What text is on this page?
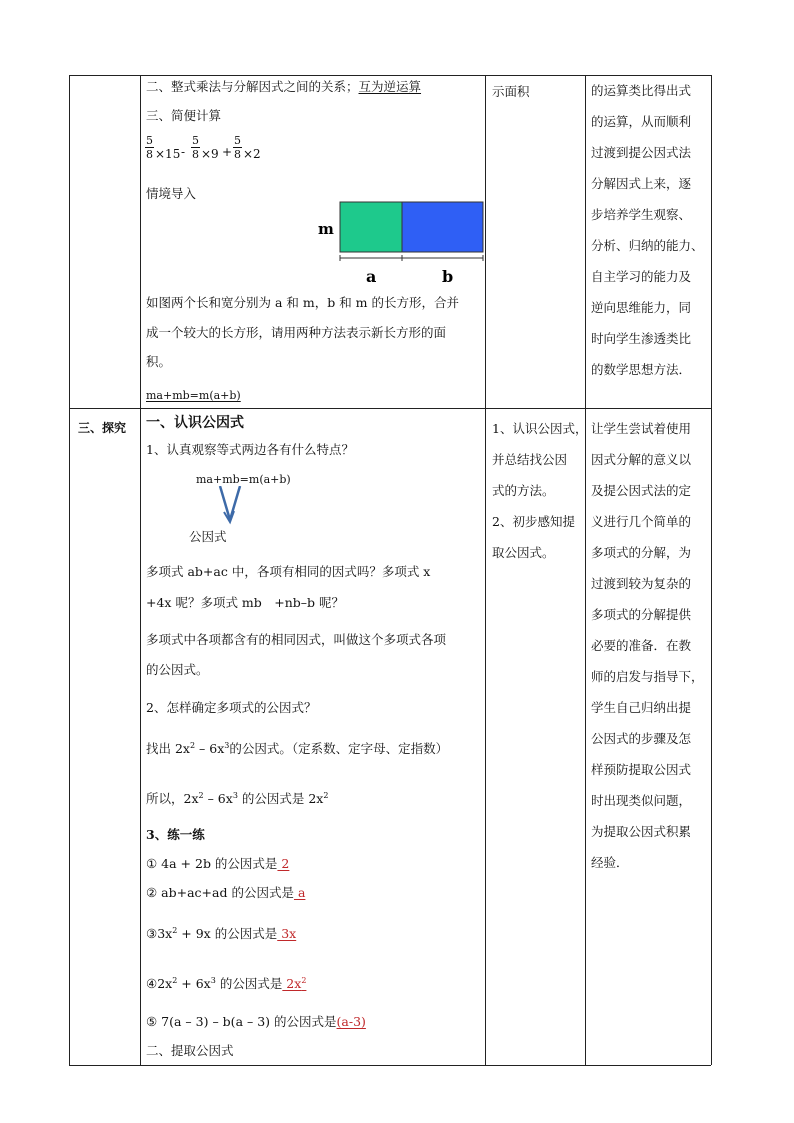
二、整式乘法与分解因式之间的关系；互为逆运算
三、简便计算
$\frac{5}{8} \times 15 - \frac{5}{8} \times 9 + \frac{5}{8} \times 2$
情境导入
m
a	b
如图两个长和宽分别为 a 和 m，b 和 m 的长方形，合并
成一个较大的长方形，请用两种方法表示新长方形的面
积。
ma+mb=m(a+b)
示面积	的运算类比得出式
的运算，从而顺利
过渡到提公因式法
分解因式上来，逐
步培养学生观察、
分析、归纳的能力、
自主学习的能力及
逆向思维能力，同
时向学生渗透类比
的数学思想方法．
三、探究 一、认识公因式
1、认真观察等式两边各有什么特点？
ma+mb=m(a+b)
公因式
多项式 ab+ac 中，各项有相同的因式吗？多项式 x
+4x 呢？多项式 mb　+nb–b 呢？
多项式中各项都含有的相同因式，叫做这个多项式各项
的公因式。
2、怎样确定多项式的公因式？
找出 $2x^2 - 6x^3$的公因式。（定系数、定字母、定指数）
所以，$2x^2 - 6x^3$ 的公因式是 $2x^2$
3、练一练
① 4a + 2b 的公因式是 2
② ab+ac+ad 的公因式是 a
$③3x^2 + 9x$ 的公因式是 3x
$④2x^2 + 6x^3$ 的公因式是 $2x^2$
⑤ 7(a – 3) – b(a – 3) 的公因式是(a-3)
二、提取公因式
1、认识公因式，
并总结找公因
式的方法。
2、初步感知提
取公因式。
让学生尝试着使用
因式分解的意义以
及提公因式法的定
义进行几个简单的
多项式的分解，为
过渡到较为复杂的
多项式的分解提供
必要的准备．在教
师的启发与指导下，
学生自己归纳出提
公因式的步骤及怎
样预防提取公因式
时出现类似问题，
为提取公因式积累
经验．
